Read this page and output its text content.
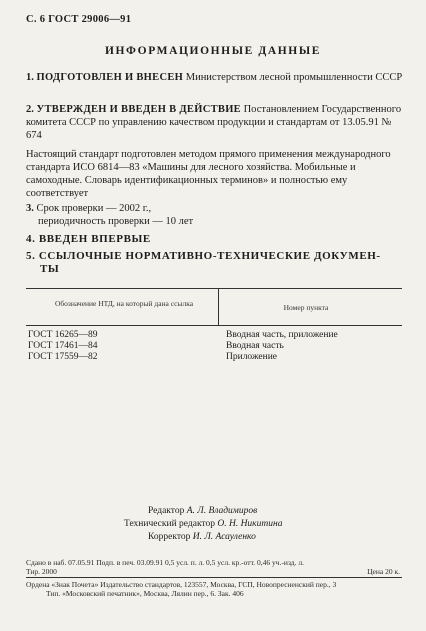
С. 6 ГОСТ 29006—91
ИНФОРМАЦИОННЫЕ ДАННЫЕ
1. ПОДГОТОВЛЕН И ВНЕСЕН Министерством лесной промышленности СССР
2. УТВЕРЖДЕН И ВВЕДЕН В ДЕЙСТВИЕ Постановлением Государственного комитета СССР по управлению качеством продукции и стандартам от 13.05.91 № 674
Настоящий стандарт подготовлен методом прямого применения международного стандарта ИСО 6814—83 «Машины для лесного хозяйства. Мобильные и самоходные. Словарь идентификационных терминов» и полностью ему соответствует
3. Срок проверки — 2002 г.,
периодичность проверки — 10 лет
4. ВВЕДЕН ВПЕРВЫЕ
5. ССЫЛОЧНЫЕ НОРМАТИВНО-ТЕХНИЧЕСКИЕ ДОКУМЕН-
ТЫ
Обозначение НТД, на который дана ссылка	Номер пункта
ГОСТ 16265—89	Вводная часть, приложение
ГОСТ 17461—84	Вводная часть
ГОСТ 17559—82	Приложение
Редактор А. Л. Владимиров
Технический редактор О. Н. Никитина
Корректор И. Л. Асауленко
Сдано в наб. 07.05.91 Подп. в печ. 03.09.91 0,5 усл. п. л. 0,5 усл. кр.-отт. 0,46 уч.-изд. л.
Тир. 2000	Цена 20 к.
Ордена «Знак Почета» Издательство стандартов, 123557, Москва, ГСП, Новопресненский пер., 3
Тип. «Московский печатник», Москва, Лялин пер., 6. Зак. 406
